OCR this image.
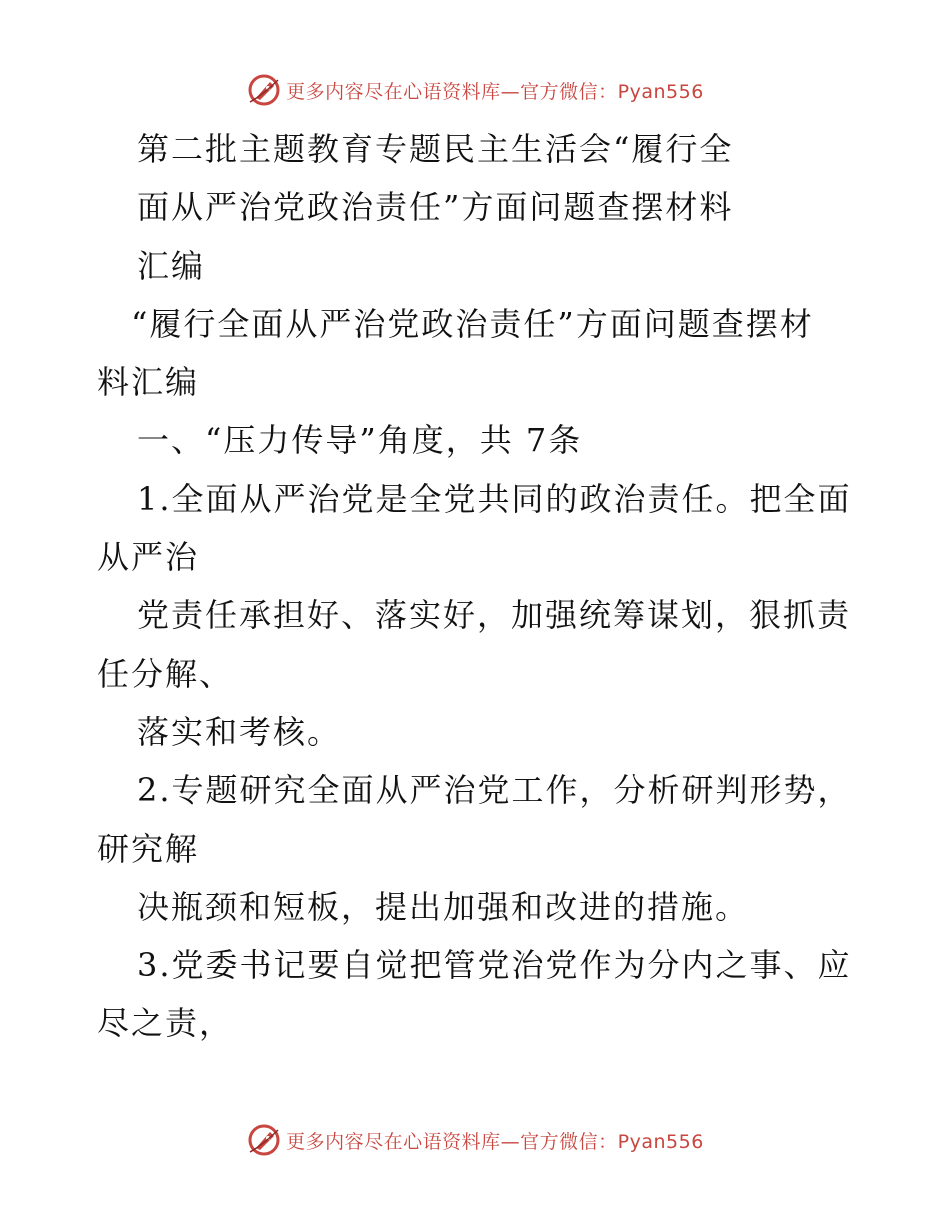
更多内容尽在心语资料库—官方微信：Pyan556
第二批主题教育专题民主生活会“履行全
面从严治党政治责任”方面问题查摆材料
汇编
“履行全面从严治党政治责任”方面问题查摆材
料汇编
一、“压力传导”角度，共 7条
1.全面从严治党是全党共同的政治责任。把全面
从严治
党责任承担好、落实好，加强统筹谋划，狠抓责
任分解、
落实和考核。
2.专题研究全面从严治党工作，分析研判形势，
研究解
决瓶颈和短板，提出加强和改进的措施。
3.党委书记要自觉把管党治党作为分内之事、应
尽之责，
更多内容尽在心语资料库—官方微信：Pyan556
